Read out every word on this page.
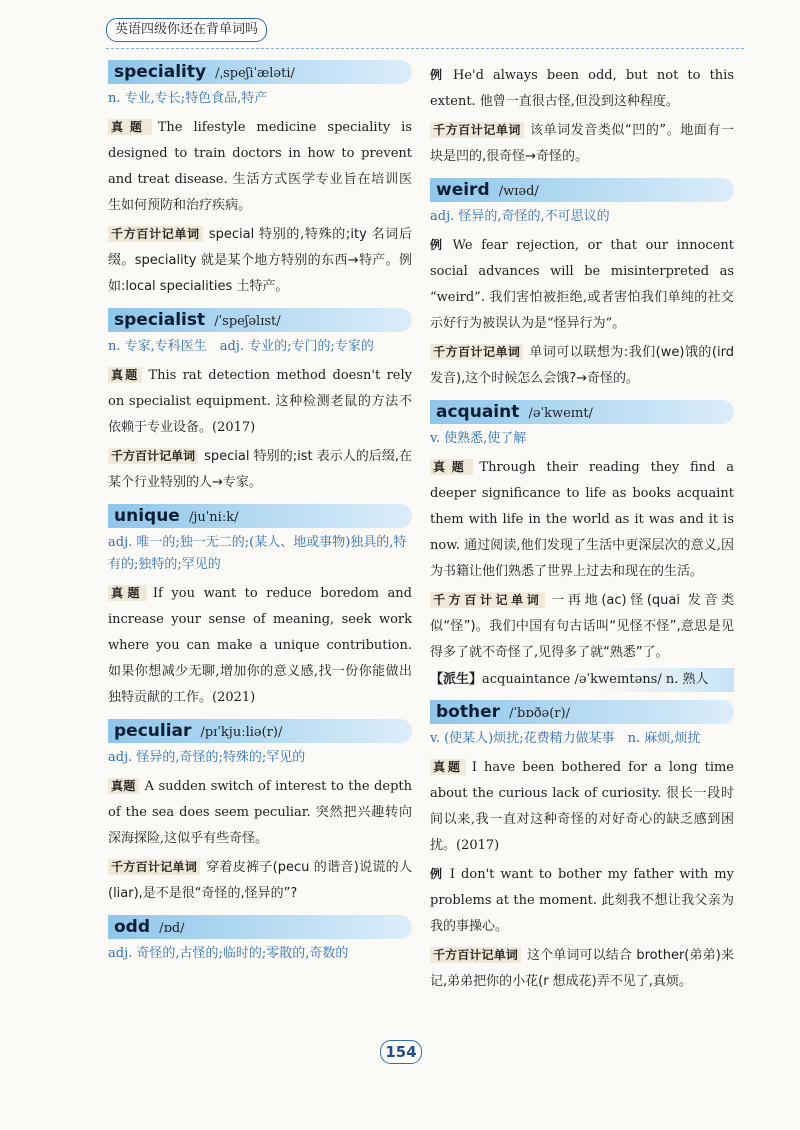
英语四级你还在背单词吗
speciality /ˌspeʃiˈæləti/
n. 专业,专长;特色食品,特产
真题 The lifestyle medicine speciality is designed to train doctors in how to prevent and treat disease. 生活方式医学专业旨在培训医生如何预防和治疗疾病。
千方百计记单词 special 特别的,特殊的;ity 名词后缀。speciality 就是某个地方特别的东西→特产。例如:local specialities 土特产。
specialist /ˈspeʃəlɪst/
n. 专家,专科医生　adj. 专业的;专门的;专家的
真题 This rat detection method doesn't rely on specialist equipment. 这种检测老鼠的方法不依赖于专业设备。(2017)
千方百计记单词 special 特别的;ist 表示人的后缀,在某个行业特别的人→专家。
unique /juˈniːk/
adj. 唯一的;独一无二的;(某人、地或事物)独具的,特有的;独特的;罕见的
真题 If you want to reduce boredom and increase your sense of meaning, seek work where you can make a unique contribution. 如果你想减少无聊,增加你的意义感,找一份你能做出独特贡献的工作。(2021)
peculiar /pɪˈkjuːliə(r)/
adj. 怪异的,奇怪的;特殊的;罕见的
真题 A sudden switch of interest to the depth of the sea does seem peculiar. 突然把兴趣转向深海探险,这似乎有些奇怪。
千方百计记单词 穿着皮裤子(pecu 的谐音)说谎的人(liar),是不是很“奇怪的,怪异的”?
odd /ɒd/
adj. 奇怪的,古怪的;临时的;零散的,奇数的
例 He'd always been odd, but not to this extent. 他曾一直很古怪,但没到这种程度。
千方百计记单词 该单词发音类似“凹的”。地面有一块是凹的,很奇怪→奇怪的。
weird /wɪəd/
adj. 怪异的,奇怪的,不可思议的
例 We fear rejection, or that our innocent social advances will be misinterpreted as “weird”. 我们害怕被拒绝,或者害怕我们单纯的社交示好行为被误认为是“怪异行为”。
千方百计记单词 单词可以联想为:我们(we)饿的(ird 发音),这个时候怎么会饿?→奇怪的。
acquaint /əˈkweɪnt/
v. 使熟悉,使了解
真题 Through their reading they find a deeper significance to life as books acquaint them with life in the world as it was and it is now. 通过阅读,他们发现了生活中更深层次的意义,因为书籍让他们熟悉了世界上过去和现在的生活。
千方百计记单词 一再地(ac)怪(quai 发音类似“怪”)。我们中国有句古话叫“见怪不怪”,意思是见得多了就不奇怪了,见得多了就“熟悉”了。
【派生】acquaintance /əˈkweɪntəns/ n. 熟人
bother /ˈbɒðə(r)/
v. (使某人)烦扰;花费精力做某事　n. 麻烦,烦扰
真题 I have been bothered for a long time about the curious lack of curiosity. 很长一段时间以来,我一直对这种奇怪的对好奇心的缺乏感到困扰。(2017)
例 I don't want to bother my father with my problems at the moment. 此刻我不想让我父亲为我的事操心。
千方百计记单词 这个单词可以结合 brother(弟弟)来记,弟弟把你的小花(r 想成花)弄不见了,真烦。
154
